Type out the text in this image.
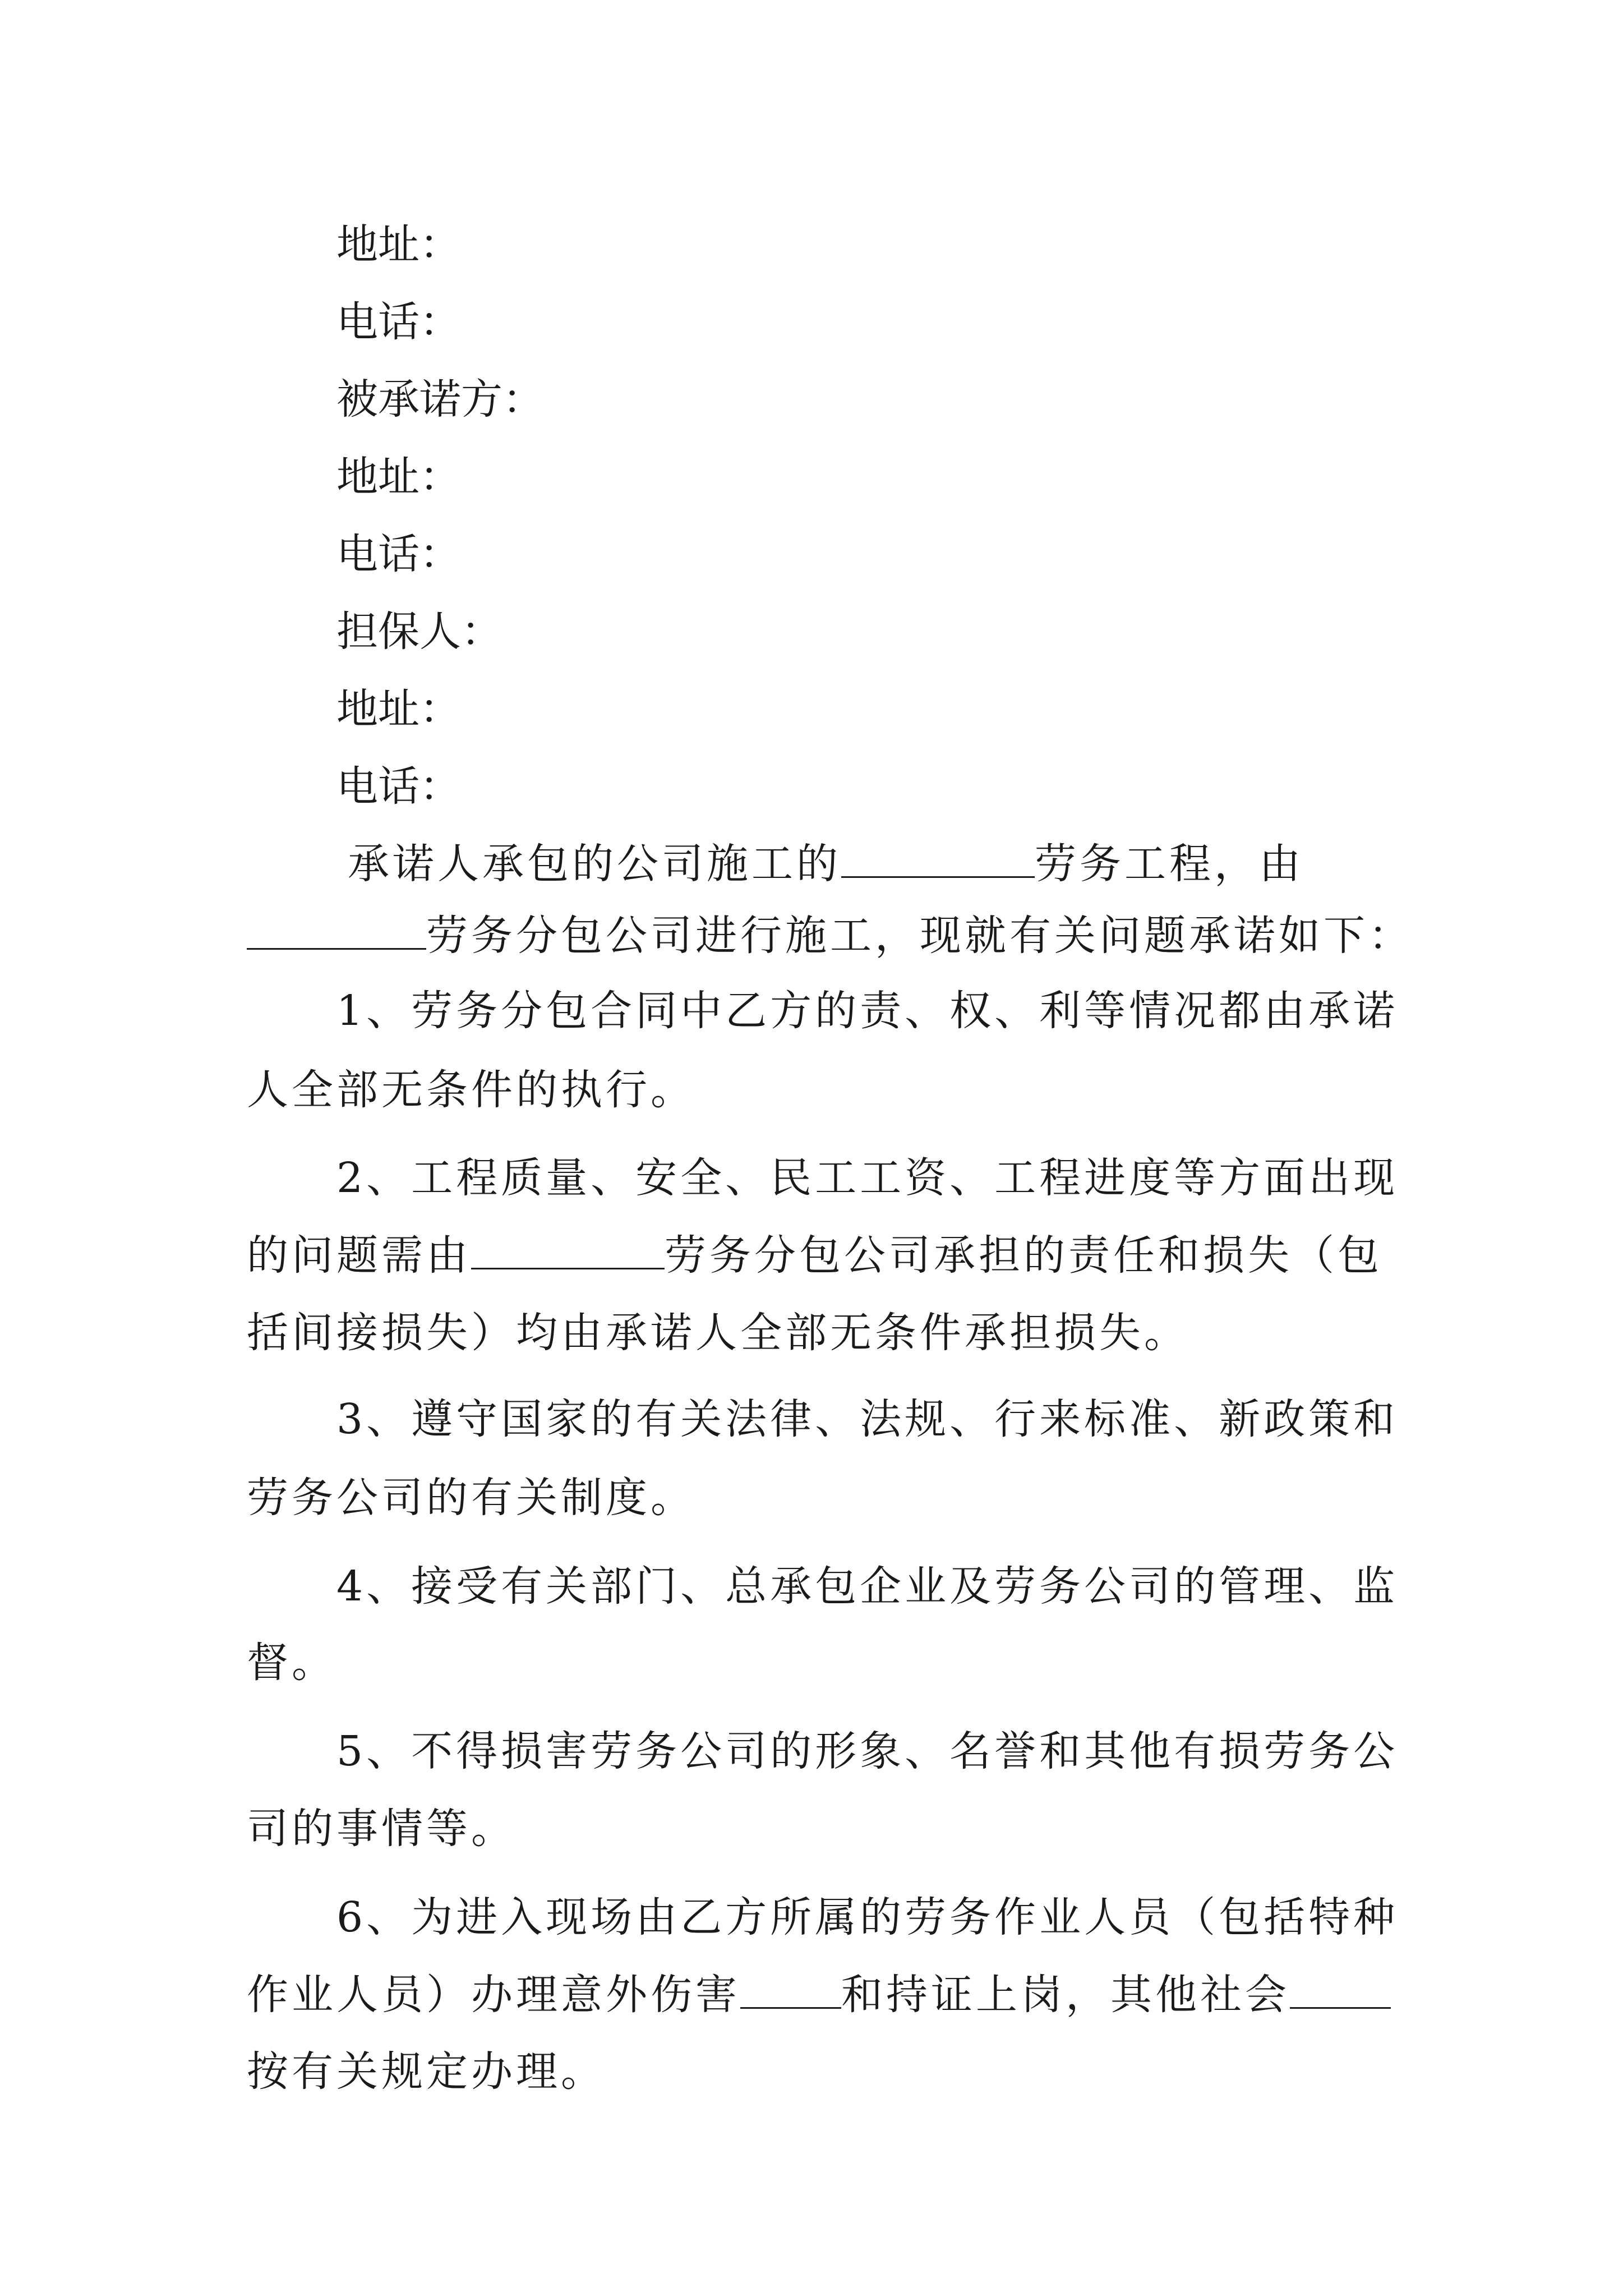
地址：
电话：
被承诺方：
地址：
电话：
担保人：
地址：
电话：
承诺人承包的公司施工的	劳务工程，由
劳务分包公司进行施工，现就有关问题承诺如下：
1、劳务分包合同中乙方的责、权、利等情况都由承诺
人全部无条件的执行。
2、工程质量、安全、民工工资、工程进度等方面出现
的问题需由	劳务分包公司承担的责任和损失（包
括间接损失）均由承诺人全部无条件承担损失。
3、遵守国家的有关法律、法规、行来标准、新政策和
劳务公司的有关制度。
4、接受有关部门、总承包企业及劳务公司的管理、监
督。
5、不得损害劳务公司的形象、名誉和其他有损劳务公
司的事情等。
6、为进入现场由乙方所属的劳务作业人员（包括特种
作业人员）办理意外伤害 和持证上岗，其他社会
按有关规定办理。
